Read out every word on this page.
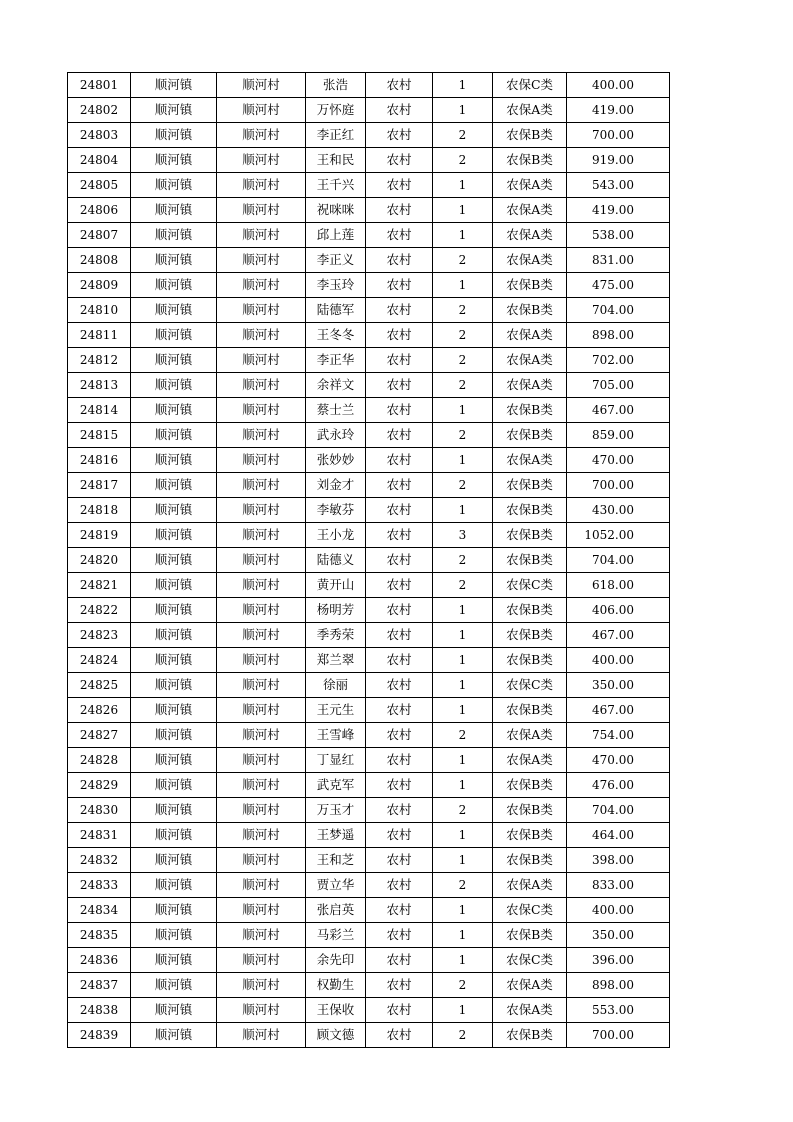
24801	顺河镇	顺河村	张浩	农村	1	农保C类	400.00
24802	顺河镇	顺河村	万怀庭	农村	1	农保A类	419.00
24803	顺河镇	顺河村	李正红	农村	2	农保B类	700.00
24804	顺河镇	顺河村	王和民	农村	2	农保B类	919.00
24805	顺河镇	顺河村	王千兴	农村	1	农保A类	543.00
24806	顺河镇	顺河村	祝咪咪	农村	1	农保A类	419.00
24807	顺河镇	顺河村	邱上莲	农村	1	农保A类	538.00
24808	顺河镇	顺河村	李正义	农村	2	农保A类	831.00
24809	顺河镇	顺河村	李玉玲	农村	1	农保B类	475.00
24810	顺河镇	顺河村	陆德军	农村	2	农保B类	704.00
24811	顺河镇	顺河村	王冬冬	农村	2	农保A类	898.00
24812	顺河镇	顺河村	李正华	农村	2	农保A类	702.00
24813	顺河镇	顺河村	余祥文	农村	2	农保A类	705.00
24814	顺河镇	顺河村	蔡士兰	农村	1	农保B类	467.00
24815	顺河镇	顺河村	武永玲	农村	2	农保B类	859.00
24816	顺河镇	顺河村	张妙妙	农村	1	农保A类	470.00
24817	顺河镇	顺河村	刘金才	农村	2	农保B类	700.00
24818	顺河镇	顺河村	李敏芬	农村	1	农保B类	430.00
24819	顺河镇	顺河村	王小龙	农村	3	农保B类	1052.00
24820	顺河镇	顺河村	陆德义	农村	2	农保B类	704.00
24821	顺河镇	顺河村	黄开山	农村	2	农保C类	618.00
24822	顺河镇	顺河村	杨明芳	农村	1	农保B类	406.00
24823	顺河镇	顺河村	季秀荣	农村	1	农保B类	467.00
24824	顺河镇	顺河村	郑兰翠	农村	1	农保B类	400.00
24825	顺河镇	顺河村	徐丽	农村	1	农保C类	350.00
24826	顺河镇	顺河村	王元生	农村	1	农保B类	467.00
24827	顺河镇	顺河村	王雪峰	农村	2	农保A类	754.00
24828	顺河镇	顺河村	丁显红	农村	1	农保A类	470.00
24829	顺河镇	顺河村	武克军	农村	1	农保B类	476.00
24830	顺河镇	顺河村	万玉才	农村	2	农保B类	704.00
24831	顺河镇	顺河村	王梦遥	农村	1	农保B类	464.00
24832	顺河镇	顺河村	王和芝	农村	1	农保B类	398.00
24833	顺河镇	顺河村	贾立华	农村	2	农保A类	833.00
24834	顺河镇	顺河村	张启英	农村	1	农保C类	400.00
24835	顺河镇	顺河村	马彩兰	农村	1	农保B类	350.00
24836	顺河镇	顺河村	余先印	农村	1	农保C类	396.00
24837	顺河镇	顺河村	权勤生	农村	2	农保A类	898.00
24838	顺河镇	顺河村	王保收	农村	1	农保A类	553.00
24839	顺河镇	顺河村	顾文德	农村	2	农保B类	700.00
